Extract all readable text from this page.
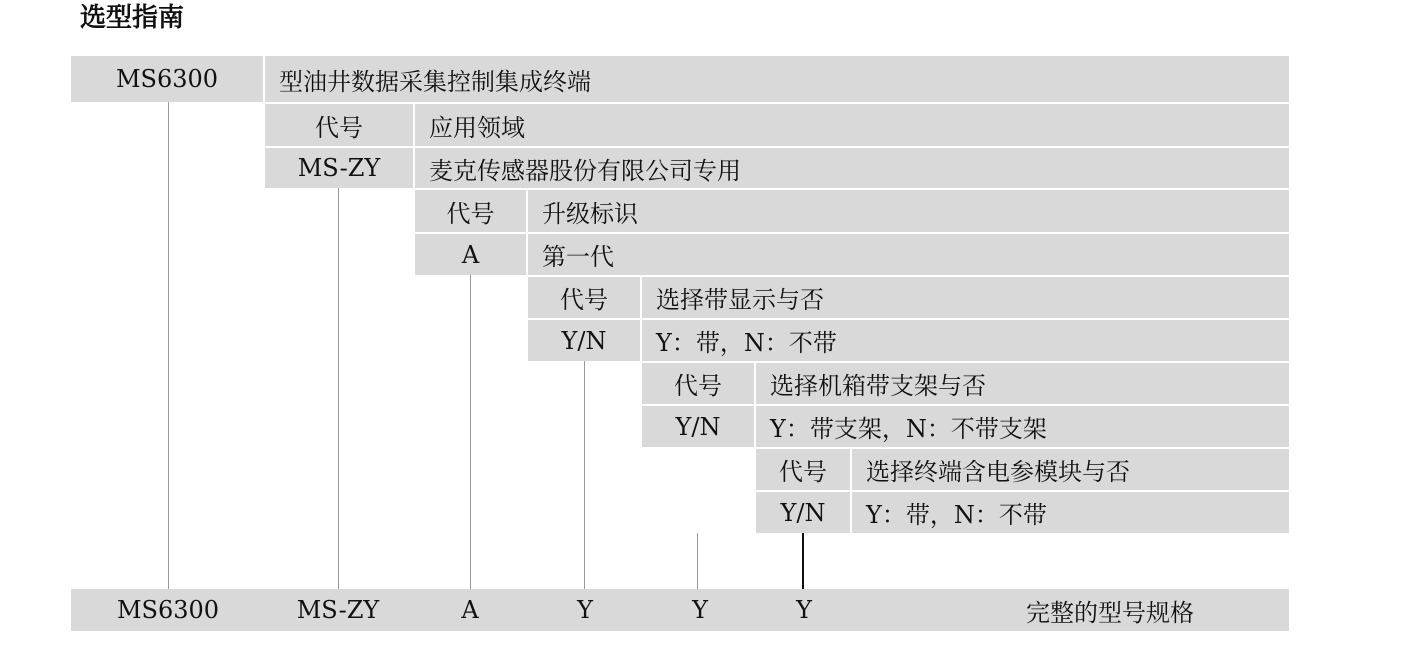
选型指南
MS6300	型油井数据采集控制集成终端
代号	应用领域
MS-ZY	麦克传感器股份有限公司专用
代号	升级标识
A	第一代
代号	选择带显示与否
Y/N	Y：带，N：不带
代号	选择机箱带支架与否
Y/N	Y：带支架，N：不带支架
代号	选择终端含电参模块与否
Y/N	Y：带，N：不带
MS6300	MS-ZY	A	Y	Y	Y	完整的型号规格
